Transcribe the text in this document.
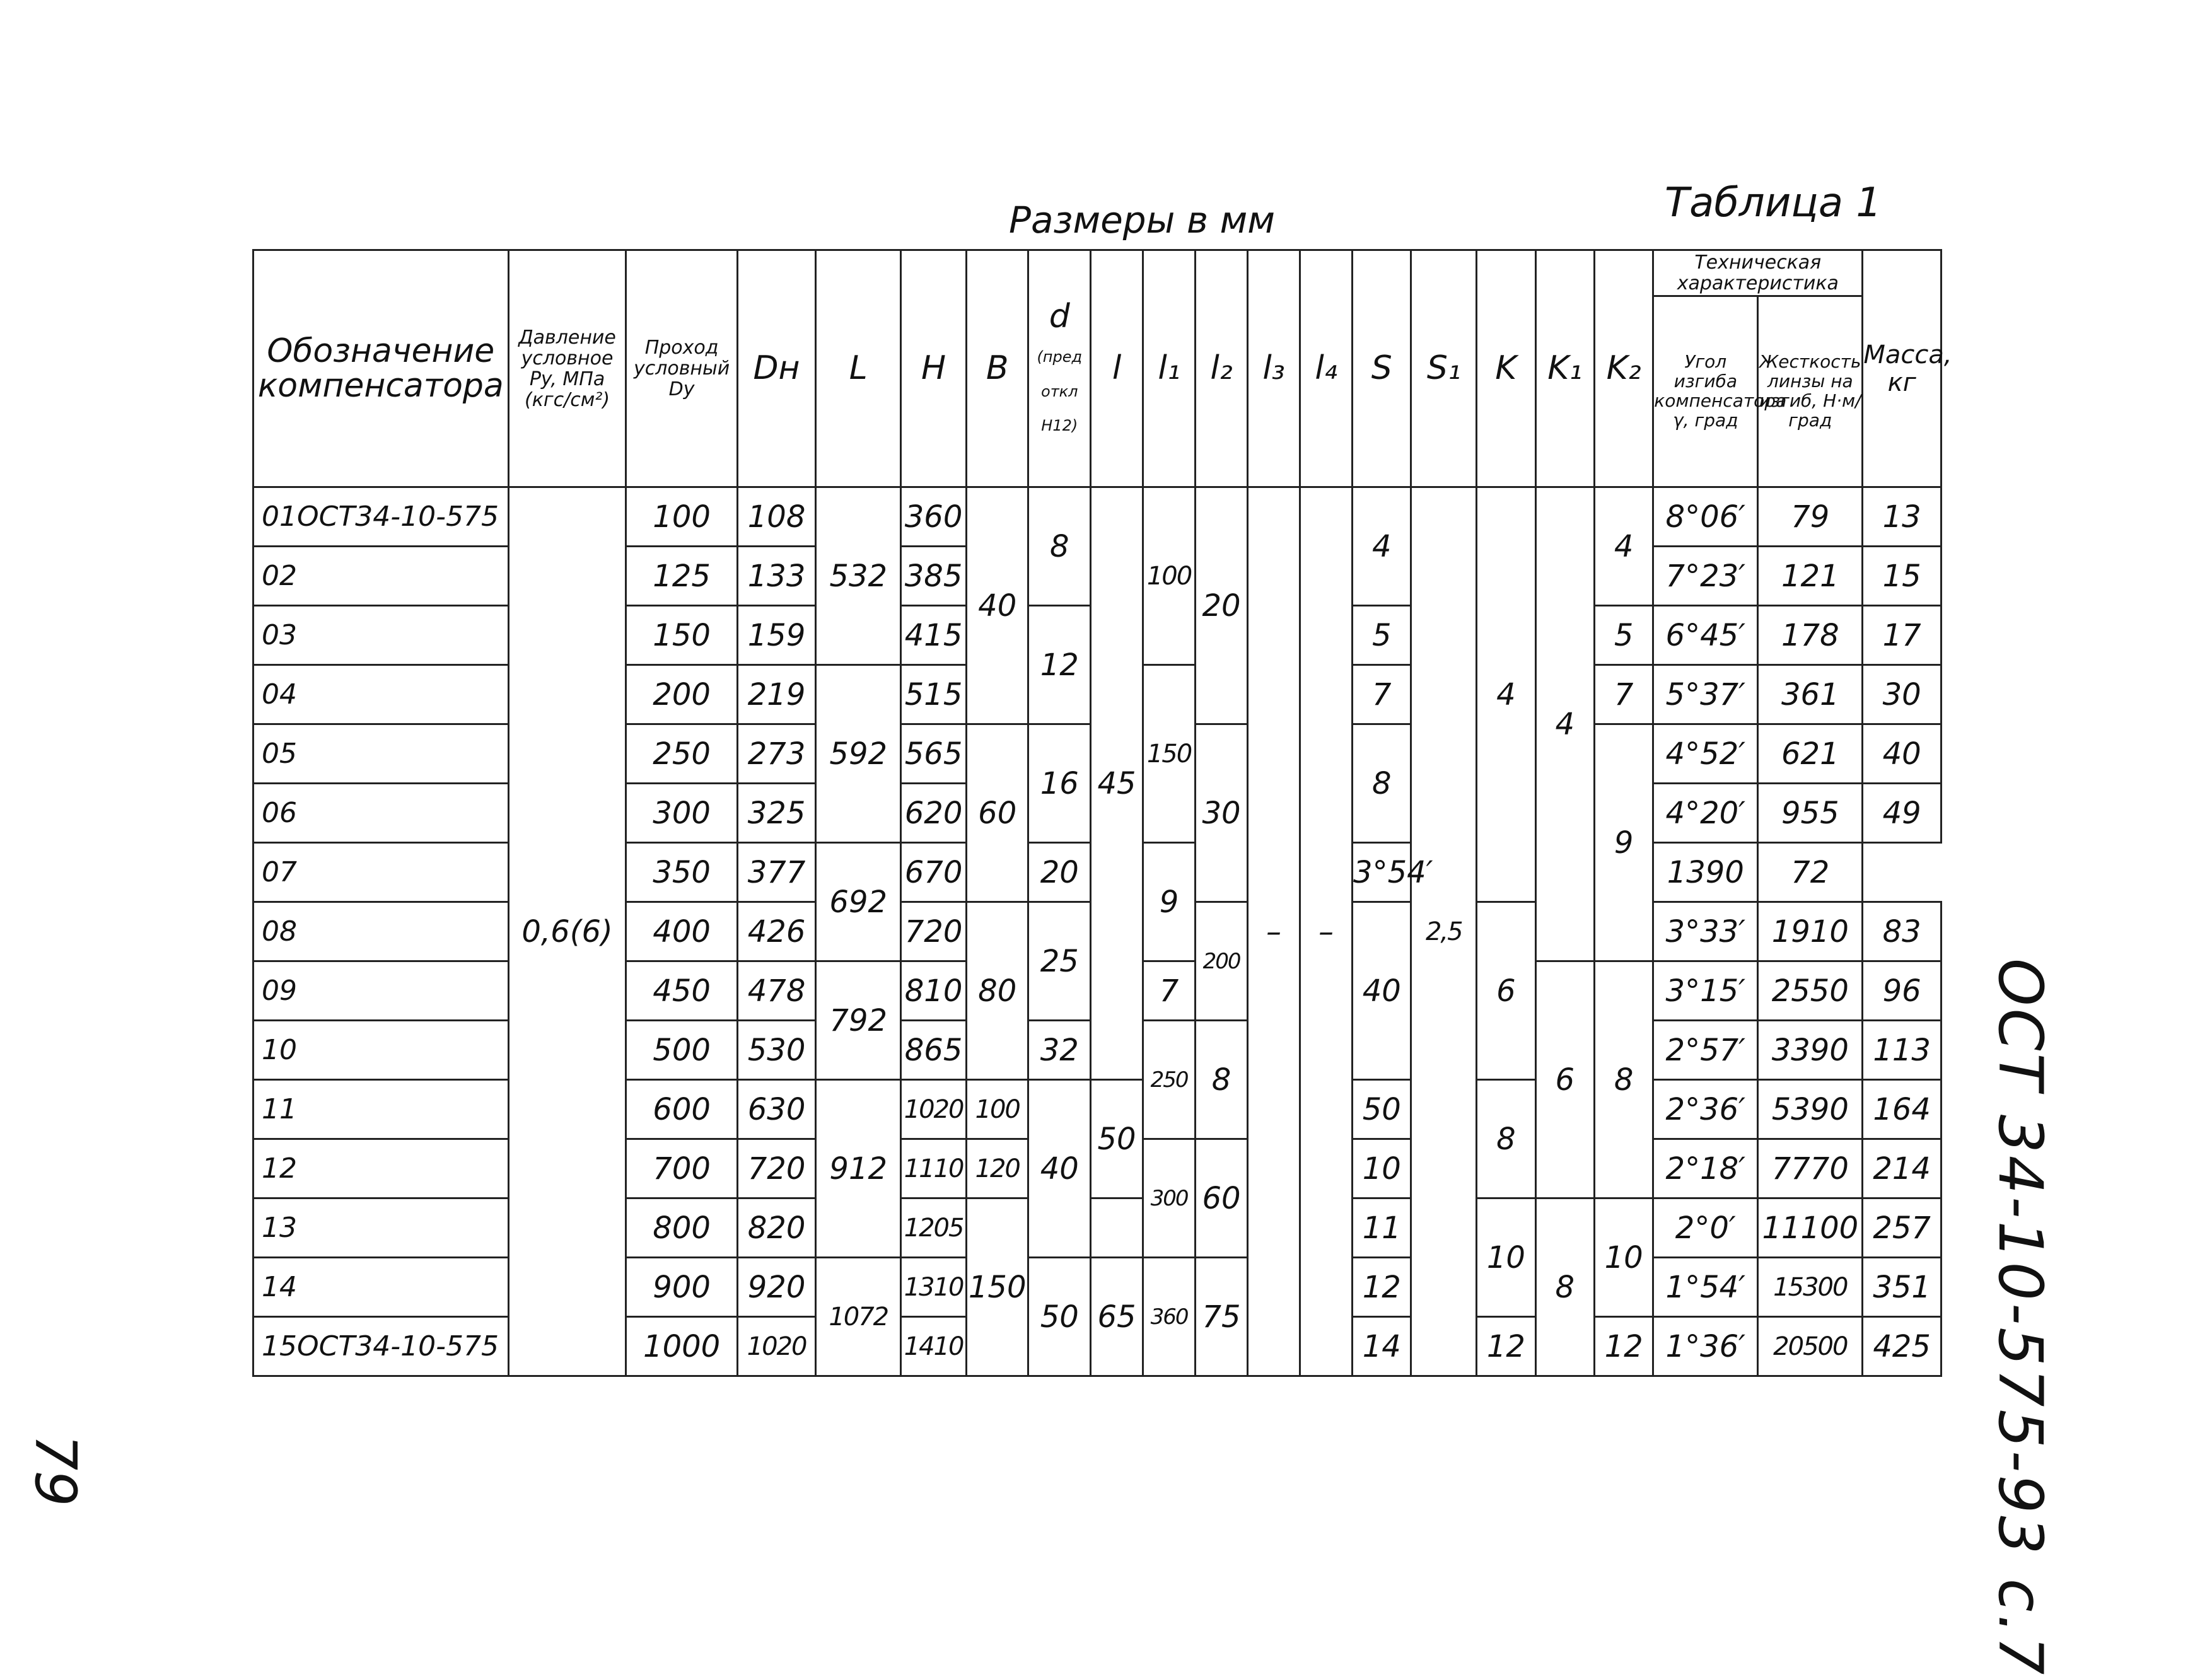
Размеры в мм	Таблица 1
ОСТ 34-10-575-93 с.7
79
Обозначение компенсатора	Давление условное Py, МПа (кгс/см²)	Проход условный Dy	Dн	L	H	B	d
(пред откл H12)	l	l₁	l₂	l₃	l₄	S	S₁	K	K₁	K₂	Техническая характеристика		Масса, кг
																		Угол изгиба компенсатора γ, град	Жесткость линзы на изгиб, Н·м/град	
01ОСТ34-10-575	0,6(6)	100	108	532	360	40	8	45	100	20	–	–	4	2,5	4	4	4	8°06′	79	13
02		125	133		385													7°23′	121	15
03		150	159		415		12						5				5	6°45′	178	17
04		200	219	592	515				150				7				7	5°37′	361	30
05		250	273		565	60	16			30			8				9	4°52′	621	40
06		300	325		620													4°20′	955	49
07		350	377	692	670		20		9				3°54′					1390	72	
08		400	426		720	80	25			200			40		6			3°33′	1910	83
09		450	478	792	810				7							6	8	3°15′	2550	96
10		500	530		865		32		250	8								2°57′	3390	113
11		600	630	912	1020	100	40	50					50		8			2°36′	5390	164
12		700	720		1110	120			300	60			10					2°18′	7770	214
13		800	820		1205	150							11		10	8	10	2°0′	11100	257
14		900	920	1072	1310		50	65	360	75			12					1°54′	15300	351
15ОСТ34-10-575		1000	1020		1410								14		12		12	1°36′	20500	425
